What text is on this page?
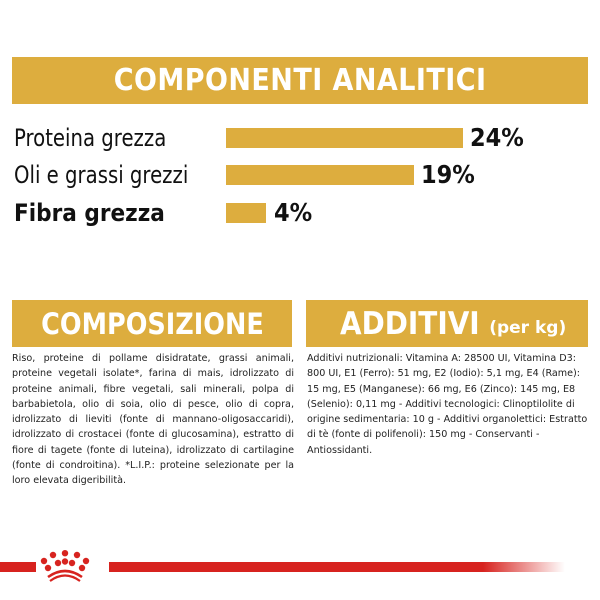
COMPONENTI ANALITICI
Proteina grezza	24%
Oli e grassi grezzi	19%
Fibra grezza	4%
COMPOSIZIONE
Riso, proteine di pollame disidratate, grassi animali, proteine vegetali isolate*, farina di mais, idrolizzato di proteine animali, fibre vegetali, sali minerali, polpa di barbabietola, olio di soia, olio di pesce, olio di copra, idrolizzato di lieviti (fonte di mannano-oligosaccaridi), idrolizzato di crostacei (fonte di glucosamina), estratto di fiore di tagete (fonte di luteina), idrolizzato di cartilagine (fonte di condroitina). *L.I.P.: proteine selezionate per la loro elevata digeribilità.
ADDITIVI (per kg)
Additivi nutrizionali: Vitamina A: 28500 UI, Vitamina D3: 800 UI, E1 (Ferro): 51 mg, E2 (Iodio): 5,1 mg, E4 (Rame): 15 mg, E5 (Manganese): 66 mg, E6 (Zinco): 145 mg, E8 (Selenio): 0,11 mg - Additivi tecnologici: Clinoptilolite di origine sedimentaria: 10 g - Additivi organolettici: Estratto di tè (fonte di polifenoli): 150 mg - Conservanti - Antiossidanti.
